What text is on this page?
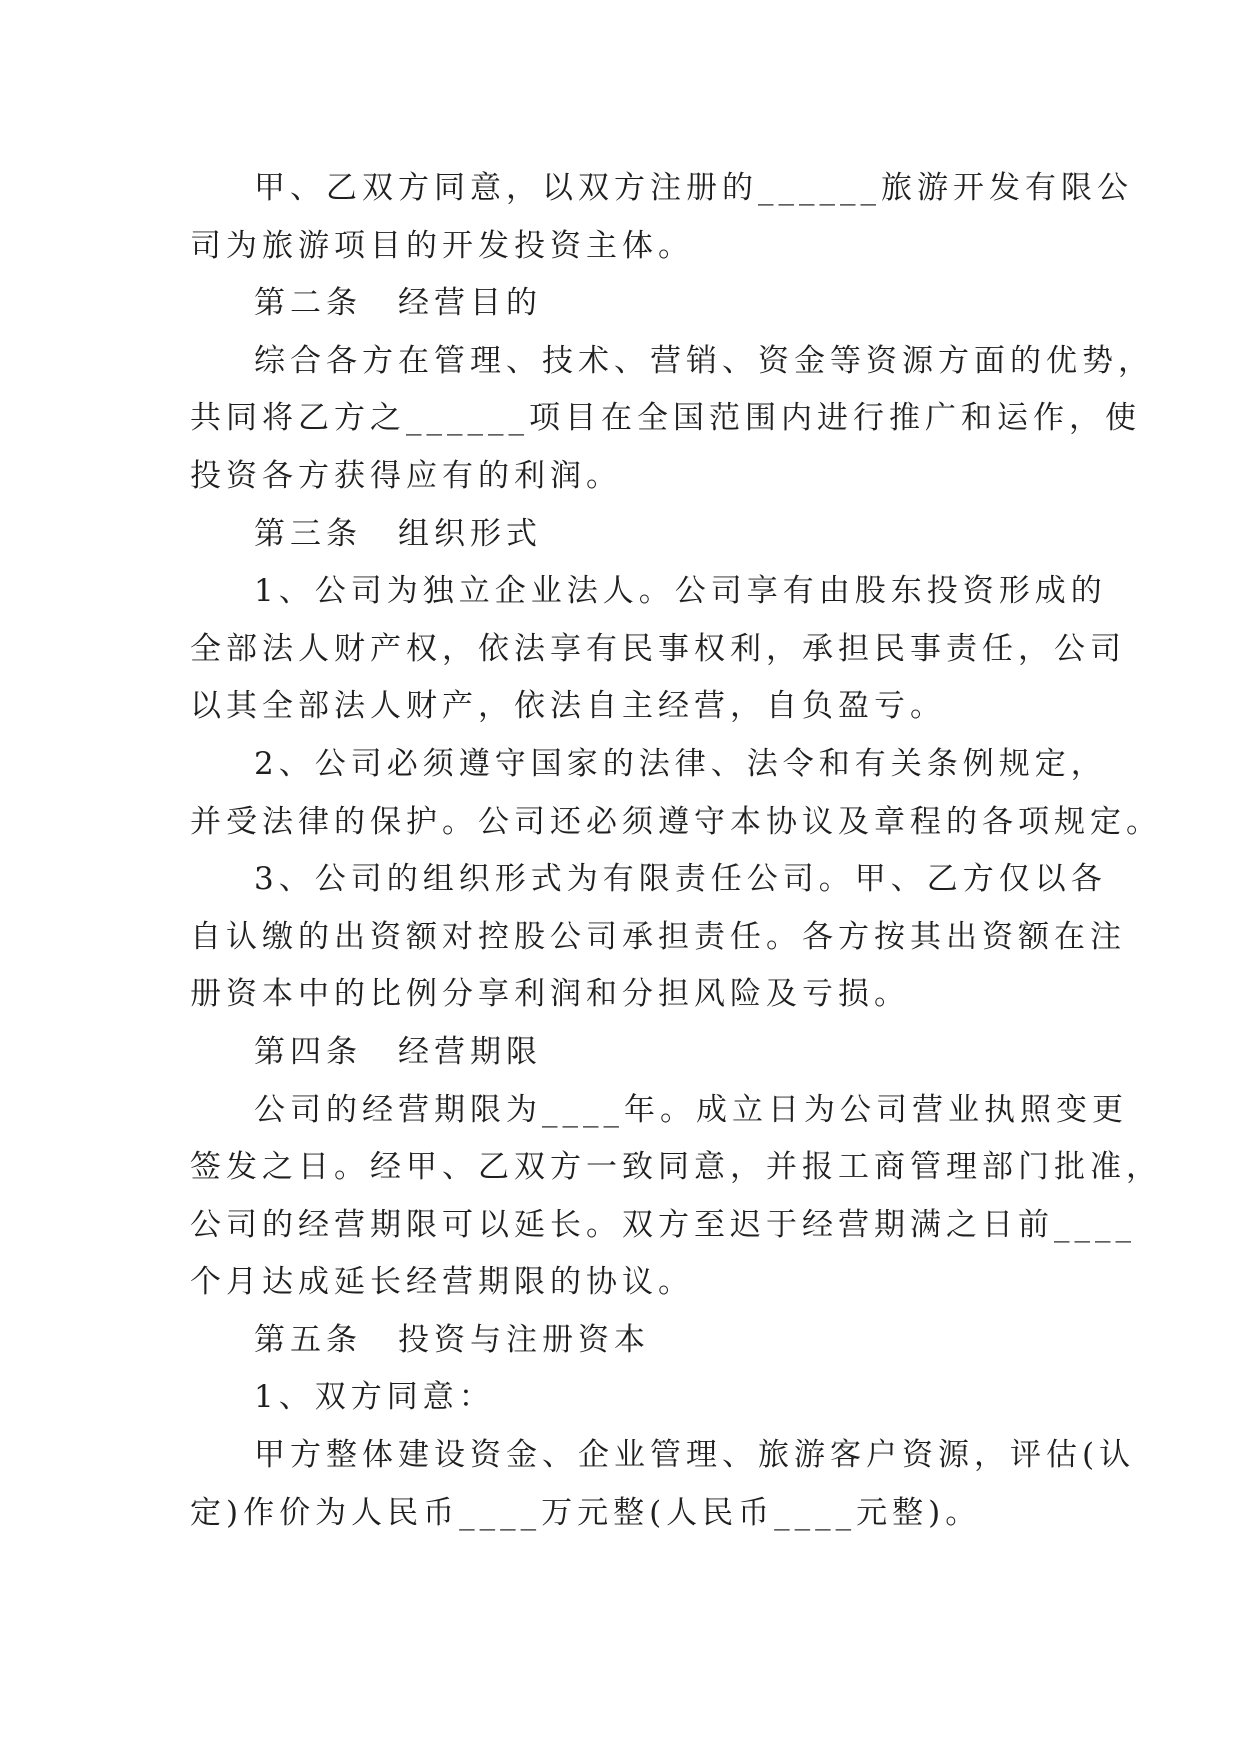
甲、乙双方同意，以双方注册的______旅游开发有限公
司为旅游项目的开发投资主体。
第二条　经营目的
综合各方在管理、技术、营销、资金等资源方面的优势，
共同将乙方之______项目在全国范围内进行推广和运作，使
投资各方获得应有的利润。
第三条　组织形式
1、公司为独立企业法人。公司享有由股东投资形成的
全部法人财产权，依法享有民事权利，承担民事责任，公司
以其全部法人财产，依法自主经营，自负盈亏。
2、公司必须遵守国家的法律、法令和有关条例规定，
并受法律的保护。公司还必须遵守本协议及章程的各项规定。
3、公司的组织形式为有限责任公司。甲、乙方仅以各
自认缴的出资额对控股公司承担责任。各方按其出资额在注
册资本中的比例分享利润和分担风险及亏损。
第四条　经营期限
公司的经营期限为____年。成立日为公司营业执照变更
签发之日。经甲、乙双方一致同意，并报工商管理部门批准，
公司的经营期限可以延长。双方至迟于经营期满之日前____
个月达成延长经营期限的协议。
第五条　投资与注册资本
1、双方同意：
甲方整体建设资金、企业管理、旅游客户资源，评估(认
定)作价为人民币____万元整(人民币____元整)。
